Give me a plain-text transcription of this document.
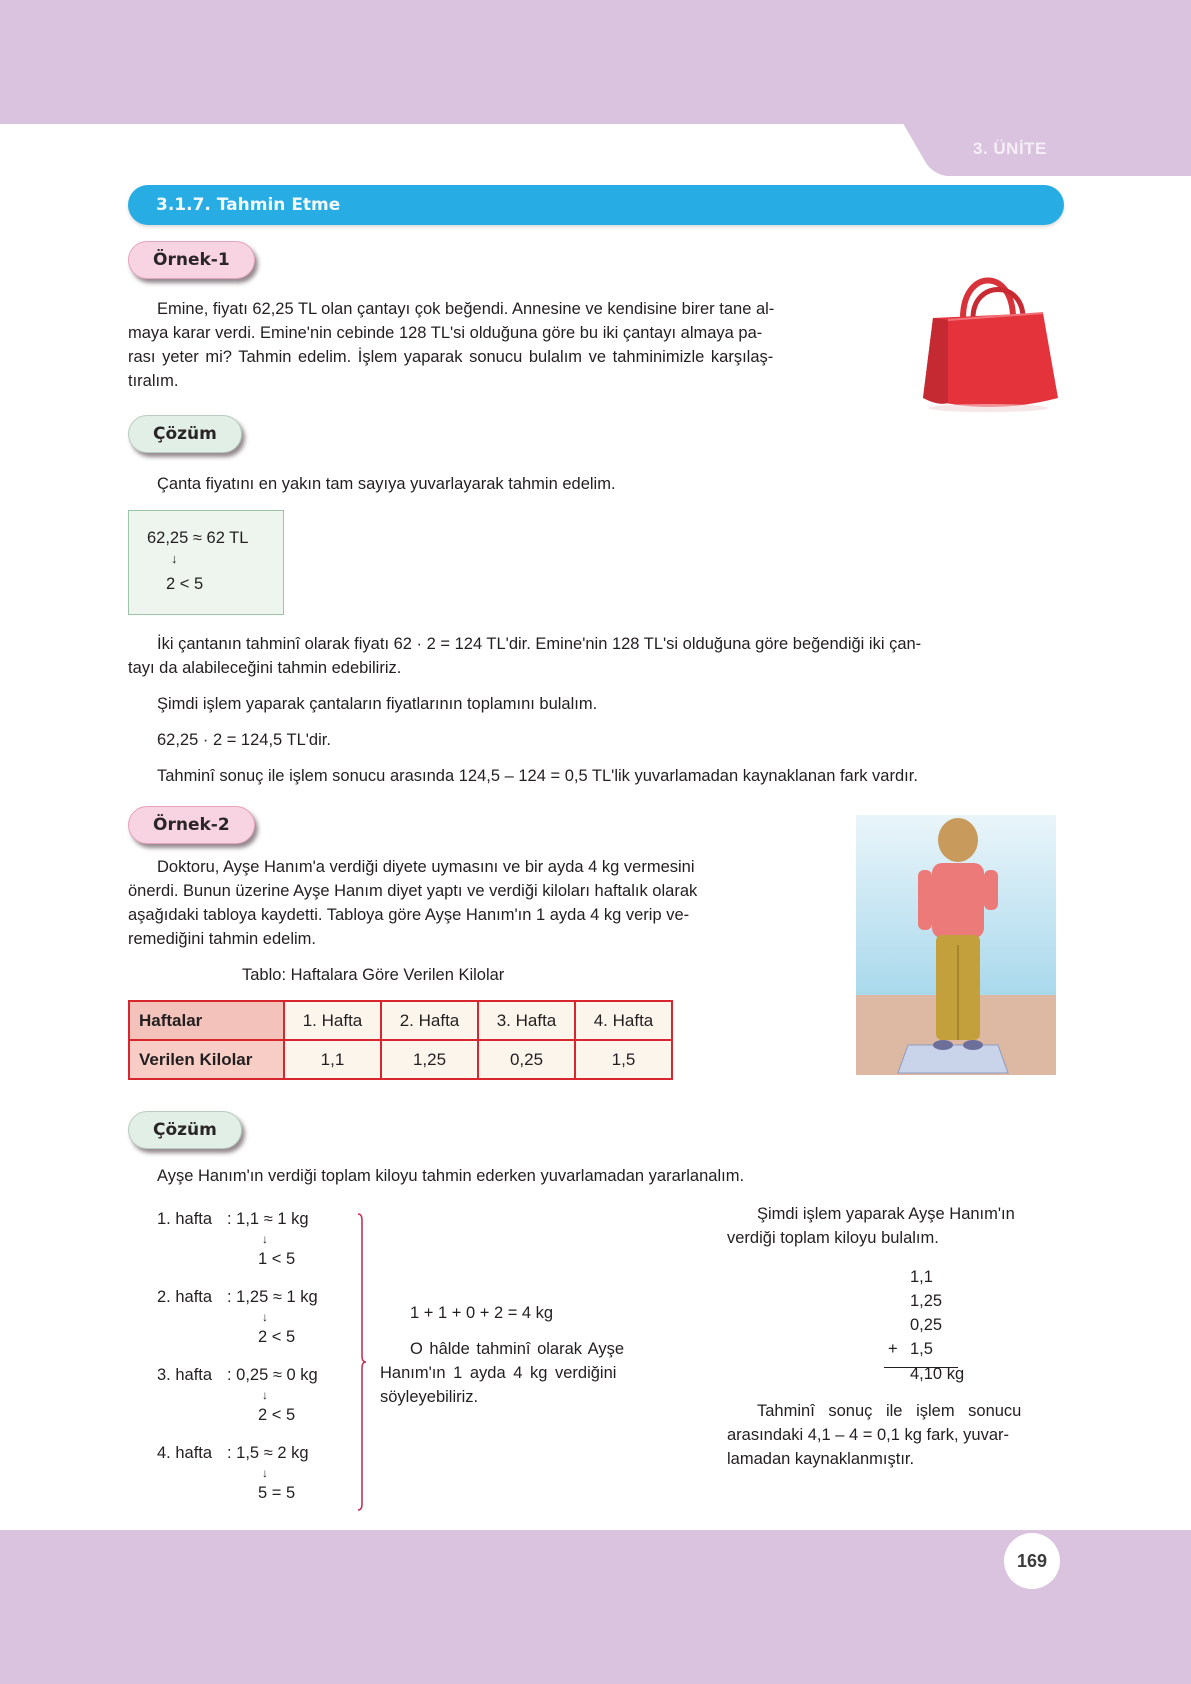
3. ÜNİTE
3.1.7. Tahmin Etme
Örnek-1
Emine, fiyatı 62,25 TL olan çantayı çok beğendi. Annesine ve kendisine birer tane al-
maya karar verdi. Emine'nin cebinde 128 TL'si olduğuna göre bu iki çantayı almaya pa-
rası yeter mi? Tahmin edelim. İşlem yaparak sonucu bulalım ve tahminimizle karşılaş-
tıralım.
Çözüm
Çanta fiyatını en yakın tam sayıya yuvarlayarak tahmin edelim.
62,25 ≈ 62 TL
↓
2 < 5
İki çantanın tahminî olarak fiyatı 62 · 2 = 124 TL'dir. Emine'nin 128 TL'si olduğuna göre beğendiği iki çan-
tayı da alabileceğini tahmin edebiliriz.
Şimdi işlem yaparak çantaların fiyatlarının toplamını bulalım.
62,25 · 2 = 124,5 TL'dir.
Tahminî sonuç ile işlem sonucu arasında 124,5 – 124 = 0,5 TL'lik yuvarlamadan kaynaklanan fark vardır.
Örnek-2
Doktoru, Ayşe Hanım'a verdiği diyete uymasını ve bir ayda 4 kg vermesini
önerdi. Bunun üzerine Ayşe Hanım diyet yaptı ve verdiği kiloları haftalık olarak
aşağıdaki tabloya kaydetti. Tabloya göre Ayşe Hanım'ın 1 ayda 4 kg verip ve-
remediğini tahmin edelim.
Tablo: Haftalara Göre Verilen Kilolar
Haftalar	1. Hafta	2. Hafta	3. Hafta	4. Hafta
Verilen Kilolar	1,1	1,25	0,25	1,5
Çözüm
Ayşe Hanım'ın verdiği toplam kiloyu tahmin ederken yuvarlamadan yararlanalım.
1. hafta : 1,1 ≈ 1 kg
↓
1 < 5
2. hafta : 1,25 ≈ 1 kg
↓
2 < 5
3. hafta : 0,25 ≈ 0 kg
↓
2 < 5
4. hafta : 1,5 ≈ 2 kg
↓
5 = 5
1 + 1 + 0 + 2 = 4 kg
O hâlde tahminî olarak Ayşe
Hanım'ın 1 ayda 4 kg verdiğini
söyleyebiliriz.
Şimdi işlem yaparak Ayşe Hanım'ın
verdiği toplam kiloyu bulalım.
1,1
1,25
0,25
+ 1,5
4,10 kg
Tahminî sonuç ile işlem sonucu
arasındaki 4,1 – 4 = 0,1 kg fark, yuvar-
lamadan kaynaklanmıştır.
169
